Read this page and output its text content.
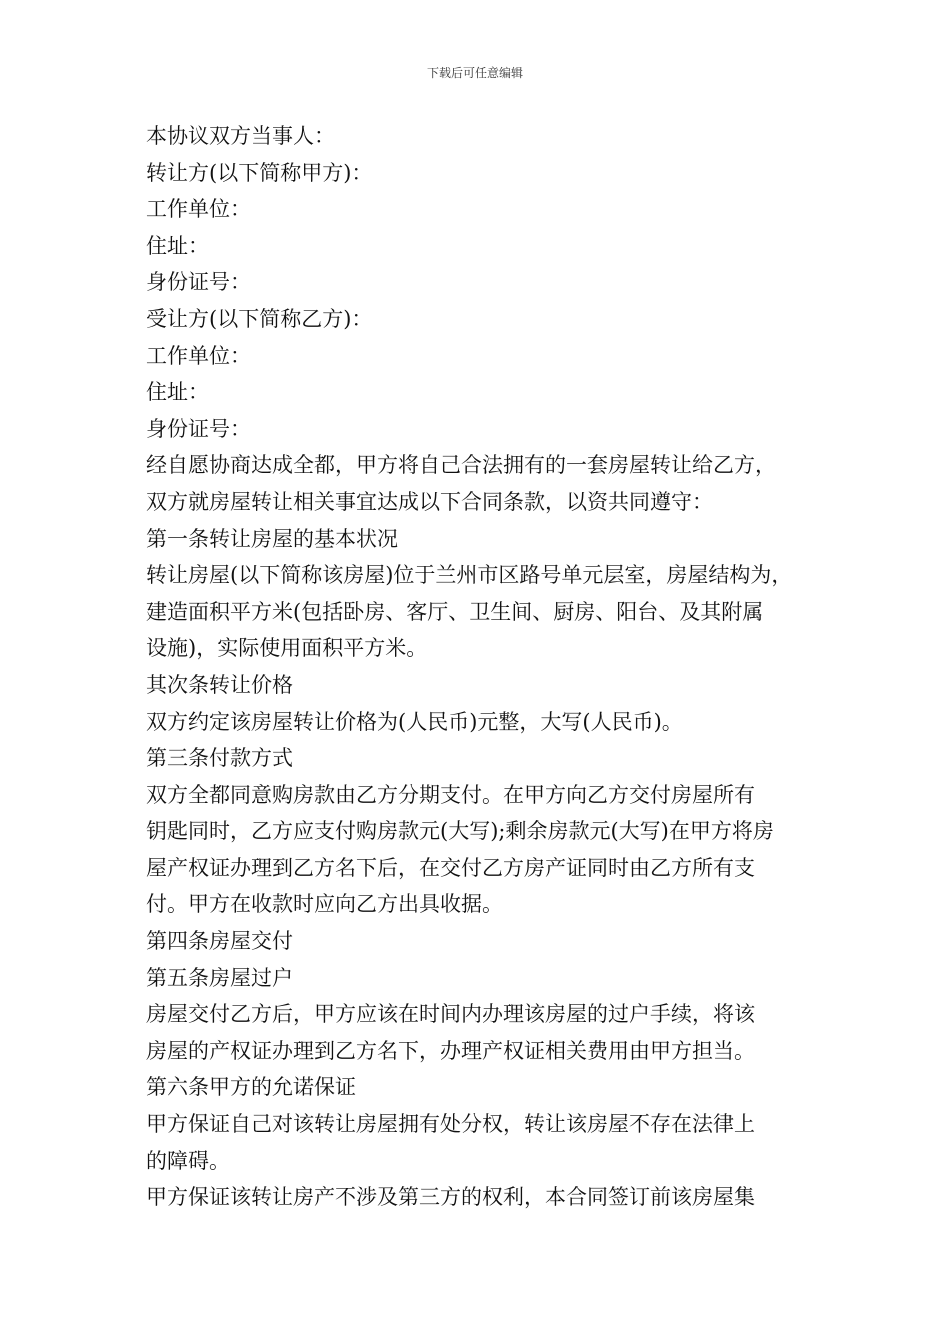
下载后可任意编辑

本协议双方当事人：

转让方(以下简称甲方)：

工作单位：

住址：

身份证号：

受让方(以下简称乙方)：

工作单位：

住址：

身份证号：

经自愿协商达成全都，甲方将自己合法拥有的一套房屋转让给乙方，

双方就房屋转让相关事宜达成以下合同条款，以资共同遵守：

第一条转让房屋的基本状况

转让房屋(以下简称该房屋)位于兰州市区路号单元层室，房屋结构为，

建造面积平方米(包括卧房、客厅、卫生间、厨房、阳台、及其附属

设施)，实际使用面积平方米。

其次条转让价格

双方约定该房屋转让价格为(人民币)元整，大写(人民币)。

第三条付款方式

双方全都同意购房款由乙方分期支付。在甲方向乙方交付房屋所有

钥匙同时，乙方应支付购房款元(大写);剩余房款元(大写)在甲方将房

屋产权证办理到乙方名下后，在交付乙方房产证同时由乙方所有支

付。甲方在收款时应向乙方出具收据。

第四条房屋交付

第五条房屋过户

房屋交付乙方后，甲方应该在时间内办理该房屋的过户手续，将该

房屋的产权证办理到乙方名下，办理产权证相关费用由甲方担当。

第六条甲方的允诺保证

甲方保证自己对该转让房屋拥有处分权，转让该房屋不存在法律上

的障碍。

甲方保证该转让房产不涉及第三方的权利，本合同签订前该房屋集
